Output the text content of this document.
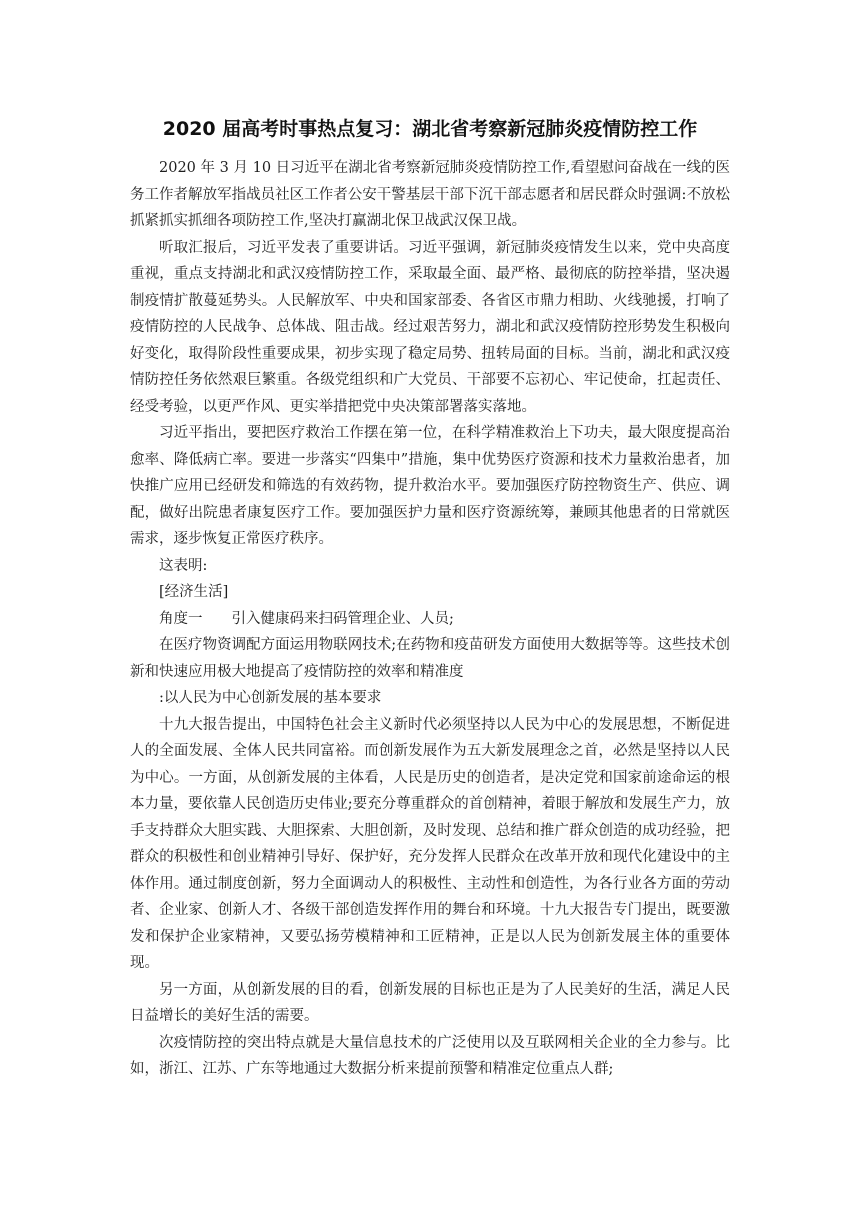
2020 届高考时事热点复习：湖北省考察新冠肺炎疫情防控工作

2020 年 3 月 10 日习近平在湖北省考察新冠肺炎疫情防控工作,看望慰问奋战在一线的医务工作者解放军指战员社区工作者公安干警基层干部下沉干部志愿者和居民群众时强调:不放松抓紧抓实抓细各项防控工作,坚决打赢湖北保卫战武汉保卫战。

听取汇报后，习近平发表了重要讲话。习近平强调，新冠肺炎疫情发生以来，党中央高度重视，重点支持湖北和武汉疫情防控工作，采取最全面、最严格、最彻底的防控举措，坚决遏制疫情扩散蔓延势头。人民解放军、中央和国家部委、各省区市鼎力相助、火线驰援，打响了疫情防控的人民战争、总体战、阻击战。经过艰苦努力，湖北和武汉疫情防控形势发生积极向好变化，取得阶段性重要成果，初步实现了稳定局势、扭转局面的目标。当前，湖北和武汉疫情防控任务依然艰巨繁重。各级党组织和广大党员、干部要不忘初心、牢记使命，扛起责任、经受考验，以更严作风、更实举措把党中央决策部署落实落地。

习近平指出，要把医疗救治工作摆在第一位，在科学精准救治上下功夫，最大限度提高治愈率、降低病亡率。要进一步落实“四集中”措施，集中优势医疗资源和技术力量救治患者，加快推广应用已经研发和筛选的有效药物，提升救治水平。要加强医疗防控物资生产、供应、调配，做好出院患者康复医疗工作。要加强医护力量和医疗资源统筹，兼顾其他患者的日常就医需求，逐步恢复正常医疗秩序。

这表明:

[经济生活]

角度一　　引入健康码来扫码管理企业、人员;

在医疗物资调配方面运用物联网技术;在药物和疫苗研发方面使用大数据等等。这些技术创新和快速应用极大地提高了疫情防控的效率和精准度

:以人民为中心创新发展的基本要求

十九大报告提出，中国特色社会主义新时代必须坚持以人民为中心的发展思想，不断促进人的全面发展、全体人民共同富裕。而创新发展作为五大新发展理念之首，必然是坚持以人民为中心。一方面，从创新发展的主体看，人民是历史的创造者，是决定党和国家前途命运的根本力量，要依靠人民创造历史伟业;要充分尊重群众的首创精神，着眼于解放和发展生产力，放手支持群众大胆实践、大胆探索、大胆创新，及时发现、总结和推广群众创造的成功经验，把群众的积极性和创业精神引导好、保护好，充分发挥人民群众在改革开放和现代化建设中的主体作用。通过制度创新，努力全面调动人的积极性、主动性和创造性，为各行业各方面的劳动者、企业家、创新人才、各级干部创造发挥作用的舞台和环境。十九大报告专门提出，既要激发和保护企业家精神，又要弘扬劳模精神和工匠精神，正是以人民为创新发展主体的重要体现。

另一方面，从创新发展的目的看，创新发展的目标也正是为了人民美好的生活，满足人民日益增长的美好生活的需要。

次疫情防控的突出特点就是大量信息技术的广泛使用以及互联网相关企业的全力参与。比如，浙江、江苏、广东等地通过大数据分析来提前预警和精准定位重点人群;
